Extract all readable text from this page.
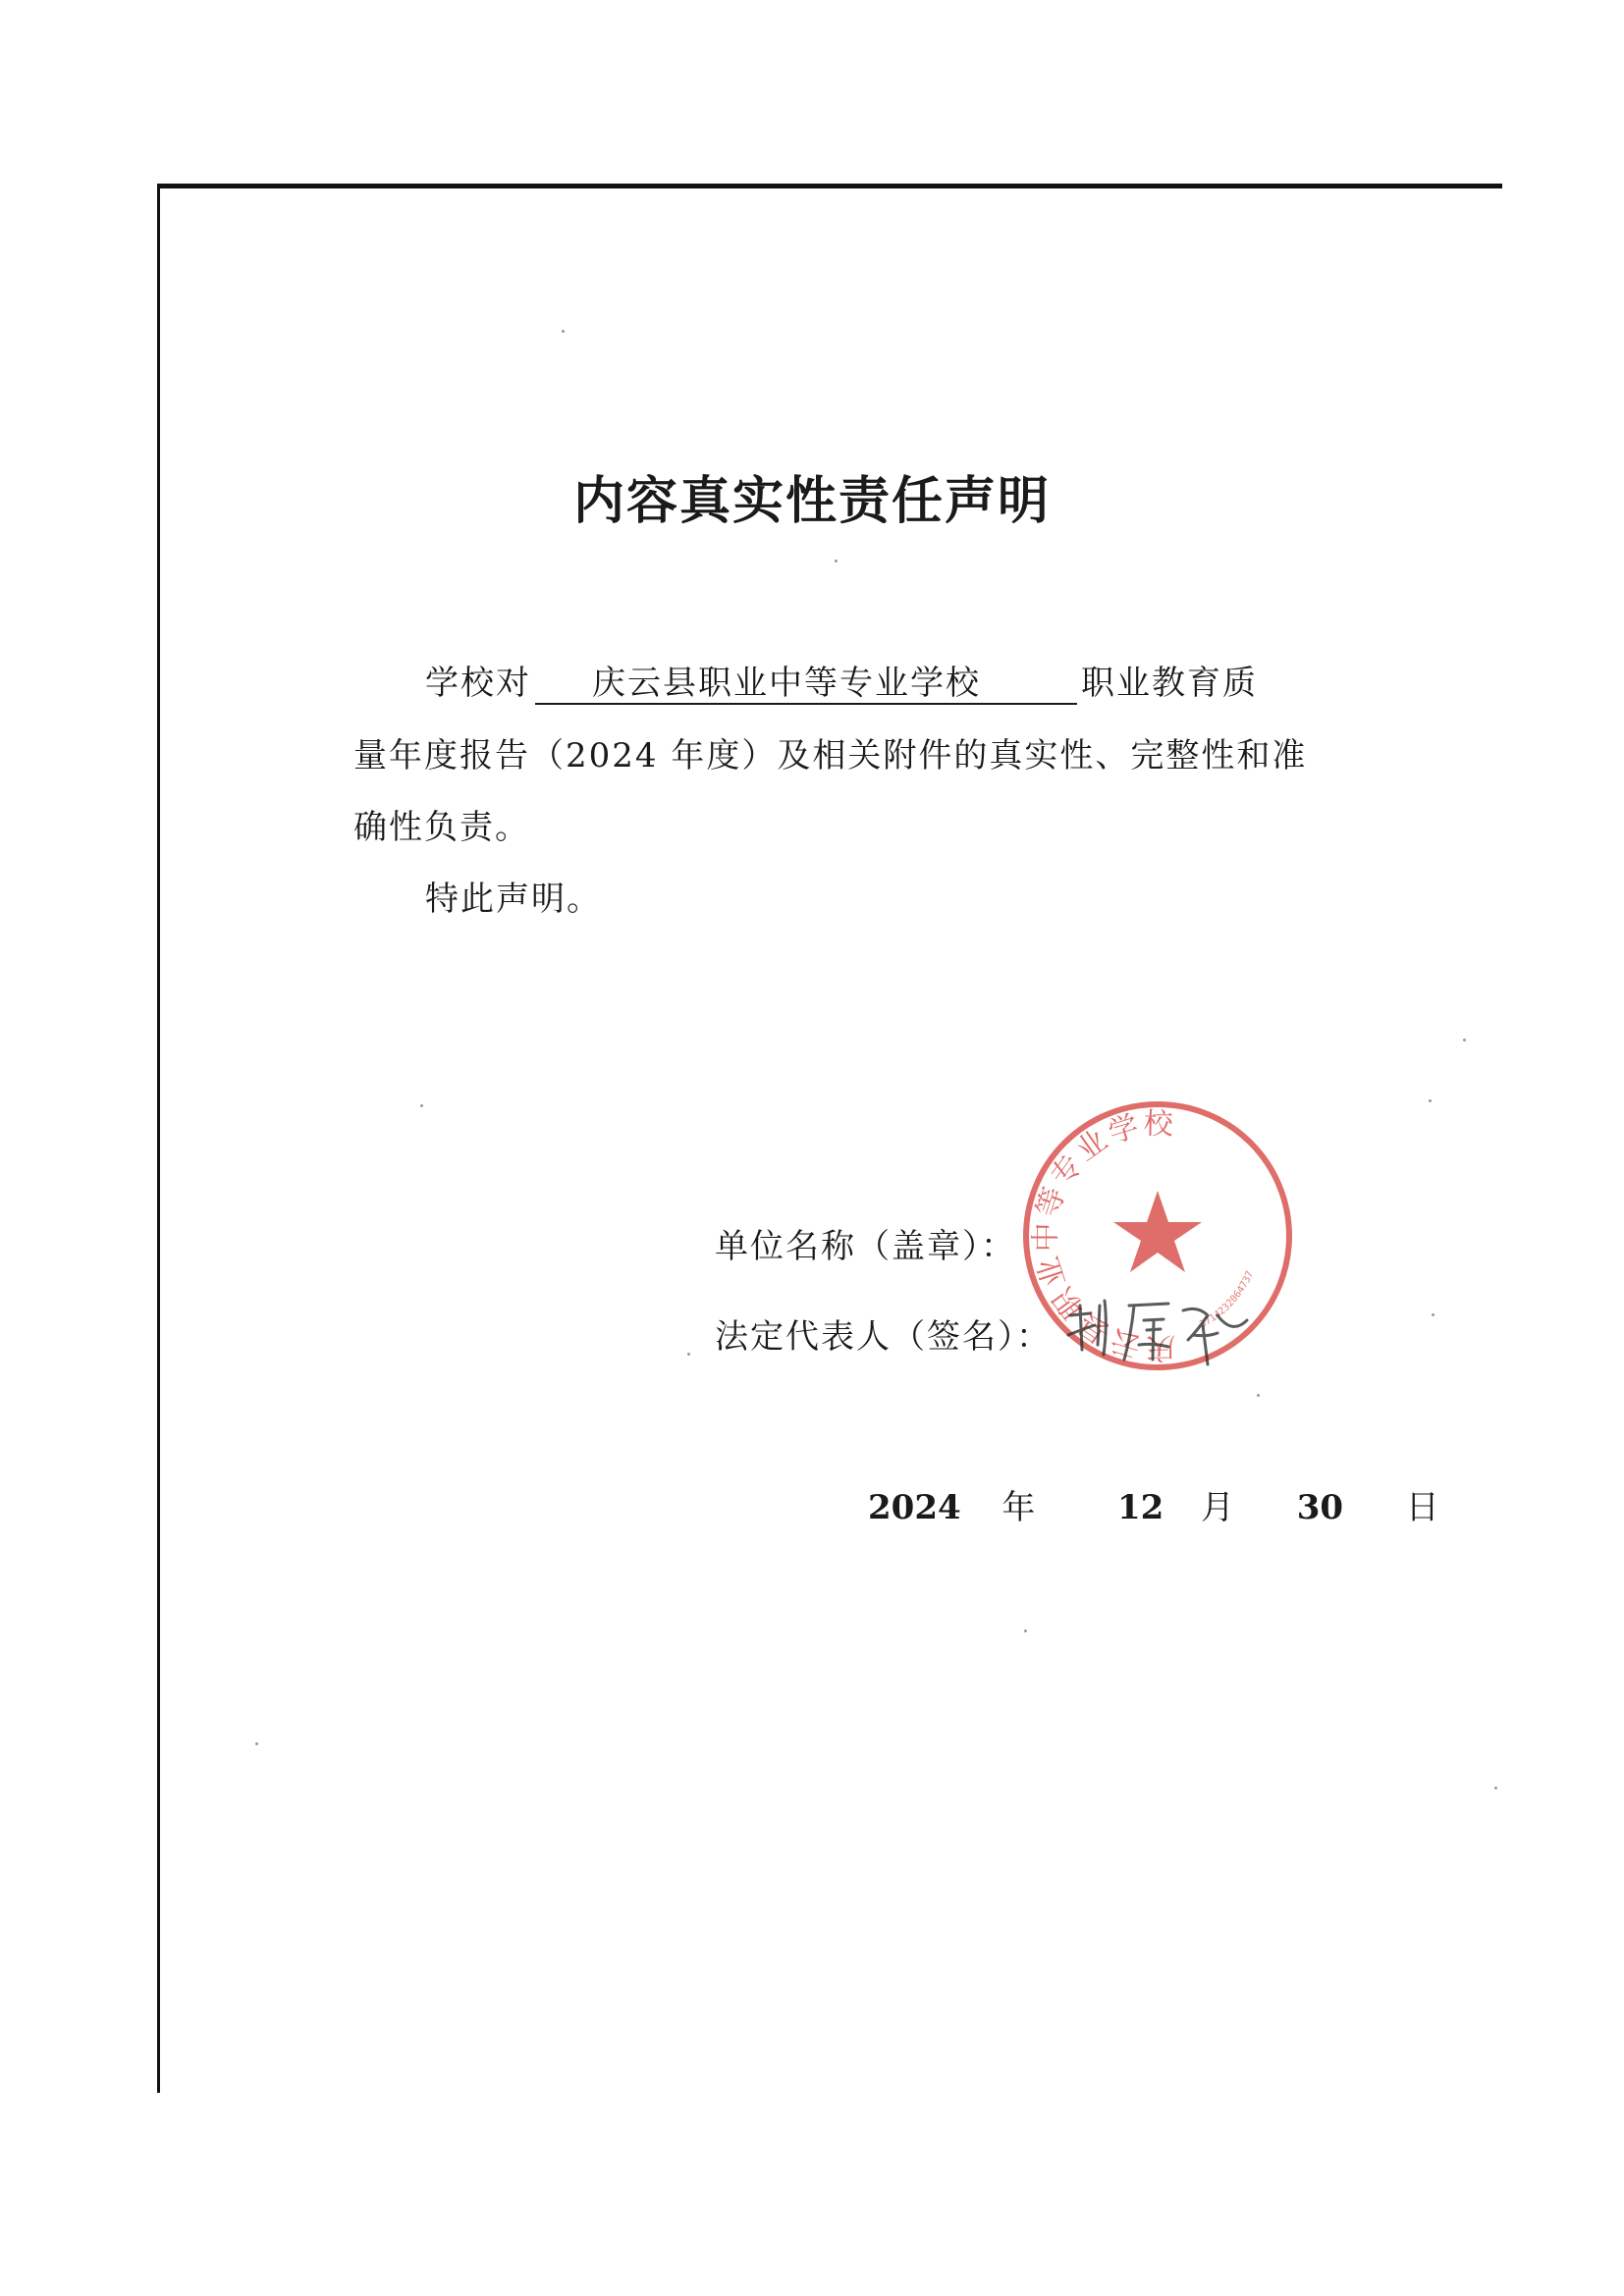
内容真实性责任声明
学校对 庆云县职业中等专业学校	职业教育质
量年度报告（2024 年度）及相关附件的真实性、完整性和准
确性负责。
特此声明。
单位名称（盖章）：
法定代表人（签名）：	庆云县职业中等专业学校
3714232064737
2024 年 12 月 30 日
